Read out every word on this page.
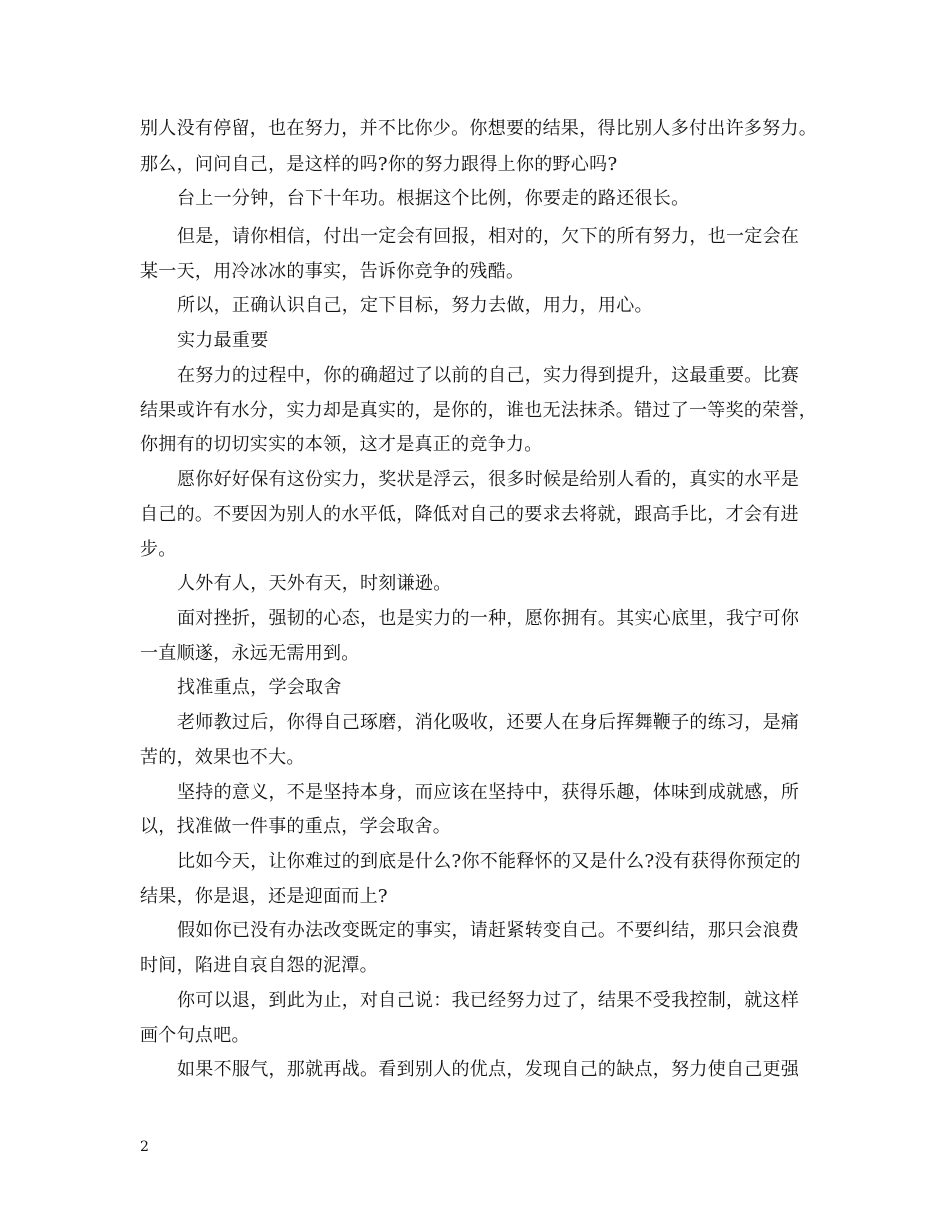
别人没有停留，也在努力，并不比你少。你想要的结果，得比别人多付出许多努力。
那么，问问自己，是这样的吗?你的努力跟得上你的野心吗?
台上一分钟，台下十年功。根据这个比例，你要走的路还很长。
但是，请你相信，付出一定会有回报，相对的，欠下的所有努力，也一定会在
某一天，用冷冰冰的事实，告诉你竞争的残酷。
所以，正确认识自己，定下目标，努力去做，用力，用心。
实力最重要
在努力的过程中，你的确超过了以前的自己，实力得到提升，这最重要。比赛
结果或许有水分，实力却是真实的，是你的，谁也无法抹杀。错过了一等奖的荣誉，
你拥有的切切实实的本领，这才是真正的竞争力。
愿你好好保有这份实力，奖状是浮云，很多时候是给别人看的，真实的水平是
自己的。不要因为别人的水平低，降低对自己的要求去将就，跟高手比，才会有进
步。
人外有人，天外有天，时刻谦逊。
面对挫折，强韧的心态，也是实力的一种，愿你拥有。其实心底里，我宁可你
一直顺遂，永远无需用到。
找准重点，学会取舍
老师教过后，你得自己琢磨，消化吸收，还要人在身后挥舞鞭子的练习，是痛
苦的，效果也不大。
坚持的意义，不是坚持本身，而应该在坚持中，获得乐趣，体味到成就感，所
以，找准做一件事的重点，学会取舍。
比如今天，让你难过的到底是什么?你不能释怀的又是什么?没有获得你预定的
结果，你是退，还是迎面而上?
假如你已没有办法改变既定的事实，请赶紧转变自己。不要纠结，那只会浪费
时间，陷进自哀自怨的泥潭。
你可以退，到此为止，对自己说：我已经努力过了，结果不受我控制，就这样
画个句点吧。
如果不服气，那就再战。看到别人的优点，发现自己的缺点，努力使自己更强
2
